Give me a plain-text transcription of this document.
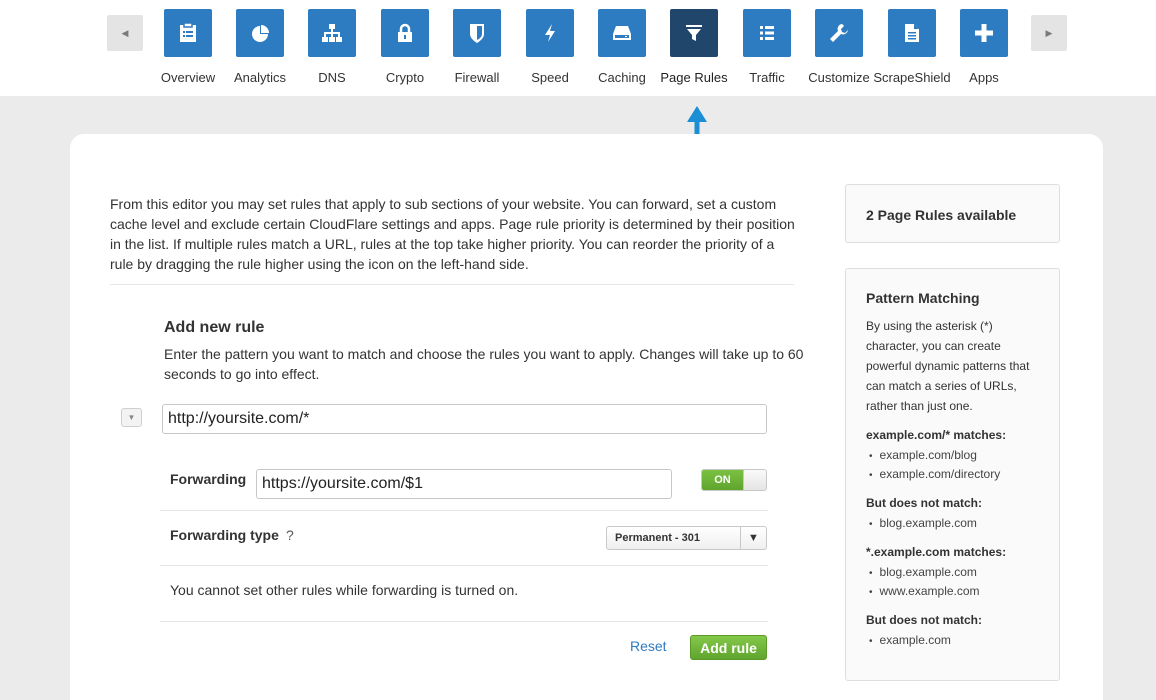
◀
Overview Analytics DNS	Crypto Firewall Speed Caching Page Rules Traffic Customize ScrapeShield Apps
▶
From this editor you may set rules that apply to sub sections of your website. You can forward, set a custom cache level and exclude certain CloudFlare settings and apps. Page rule priority is determined by their position in the list. If multiple rules match a URL, rules at the top take higher priority. You can reorder the priority of a rule by dragging the rule higher using the icon on the left-hand side.
Add new rule
Enter the pattern you want to match and choose the rules you want to apply. Changes will take up to 60 seconds to go into effect.
▼	http://yoursite.com/*
Forwarding https://yoursite.com/$1	ON
Forwarding type ?	Permanent - 301	▼
You cannot set other rules while forwarding is turned on.
Reset	Add rule
2 Page Rules available
Pattern Matching
By using the asterisk (*) character, you can create powerful dynamic patterns that can match a series of URLs, rather than just one.
example.com/* matches:
• example.com/blog
• example.com/directory
But does not match:
• blog.example.com
*.example.com matches:
• blog.example.com
• www.example.com
But does not match:
• example.com
